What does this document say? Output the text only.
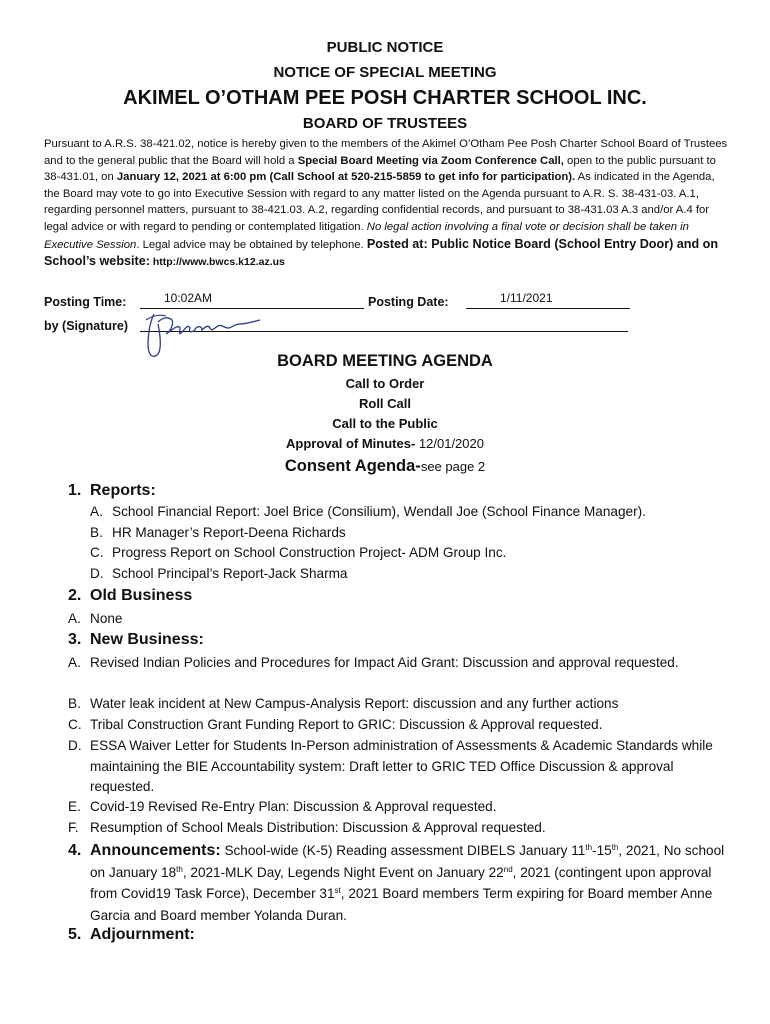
PUBLIC NOTICE
NOTICE OF SPECIAL MEETING
AKIMEL O’OTHAM PEE POSH CHARTER SCHOOL INC.
BOARD OF TRUSTEES
Pursuant to A.R.S. 38-421.02, notice is hereby given to the members of the Akimel O’Otham Pee Posh Charter School Board of Trustees and to the general public that the Board will hold a Special Board Meeting via Zoom Conference Call, open to the public pursuant to 38-431.01, on January 12, 2021 at 6:00 pm (Call School at 520-215-5859 to get info for participation). As indicated in the Agenda, the Board may vote to go into Executive Session with regard to any matter listed on the Agenda pursuant to A.R. S. 38-431-03. A.1, regarding personnel matters, pursuant to 38-421.03. A.2, regarding confidential records, and pursuant to 38-431.03 A.3 and/or A.4 for legal advice or with regard to pending or contemplated litigation. No legal action involving a final vote or decision shall be taken in Executive Session. Legal advice may be obtained by telephone. Posted at: Public Notice Board (School Entry Door) and on School’s website: http://www.bwcs.k12.az.us
Posting Time:	10:02AM	Posting Date:	1/11/2021
by (Signature)
BOARD MEETING AGENDA
Call to Order
Roll Call
Call to the Public
Approval of Minutes- 12/01/2020
Consent Agenda-see page 2
1. Reports:
A. School Financial Report: Joel Brice (Consilium), Wendall Joe (School Finance Manager).
B. HR Manager’s Report-Deena Richards
C. Progress Report on School Construction Project- ADM Group Inc.
D. School Principal’s Report-Jack Sharma
2. Old Business
A. None
3. New Business:
A. Revised Indian Policies and Procedures for Impact Aid Grant: Discussion and approval requested.
B. Water leak incident at New Campus-Analysis Report: discussion and any further actions
C. Tribal Construction Grant Funding Report to GRIC: Discussion & Approval requested.
D. ESSA Waiver Letter for Students In-Person administration of Assessments & Academic Standards while maintaining the BIE Accountability system: Draft letter to GRIC TED Office Discussion & approval requested.
E. Covid-19 Revised Re-Entry Plan: Discussion & Approval requested.
F. Resumption of School Meals Distribution: Discussion & Approval requested.
4. Announcements: School-wide (K-5) Reading assessment DIBELS January 11th-15th, 2021, No school on January 18th, 2021-MLK Day, Legends Night Event on January 22nd, 2021 (contingent upon approval from Covid19 Task Force), December 31st, 2021 Board members Term expiring for Board member Anne Garcia and Board member Yolanda Duran.
5. Adjournment:
